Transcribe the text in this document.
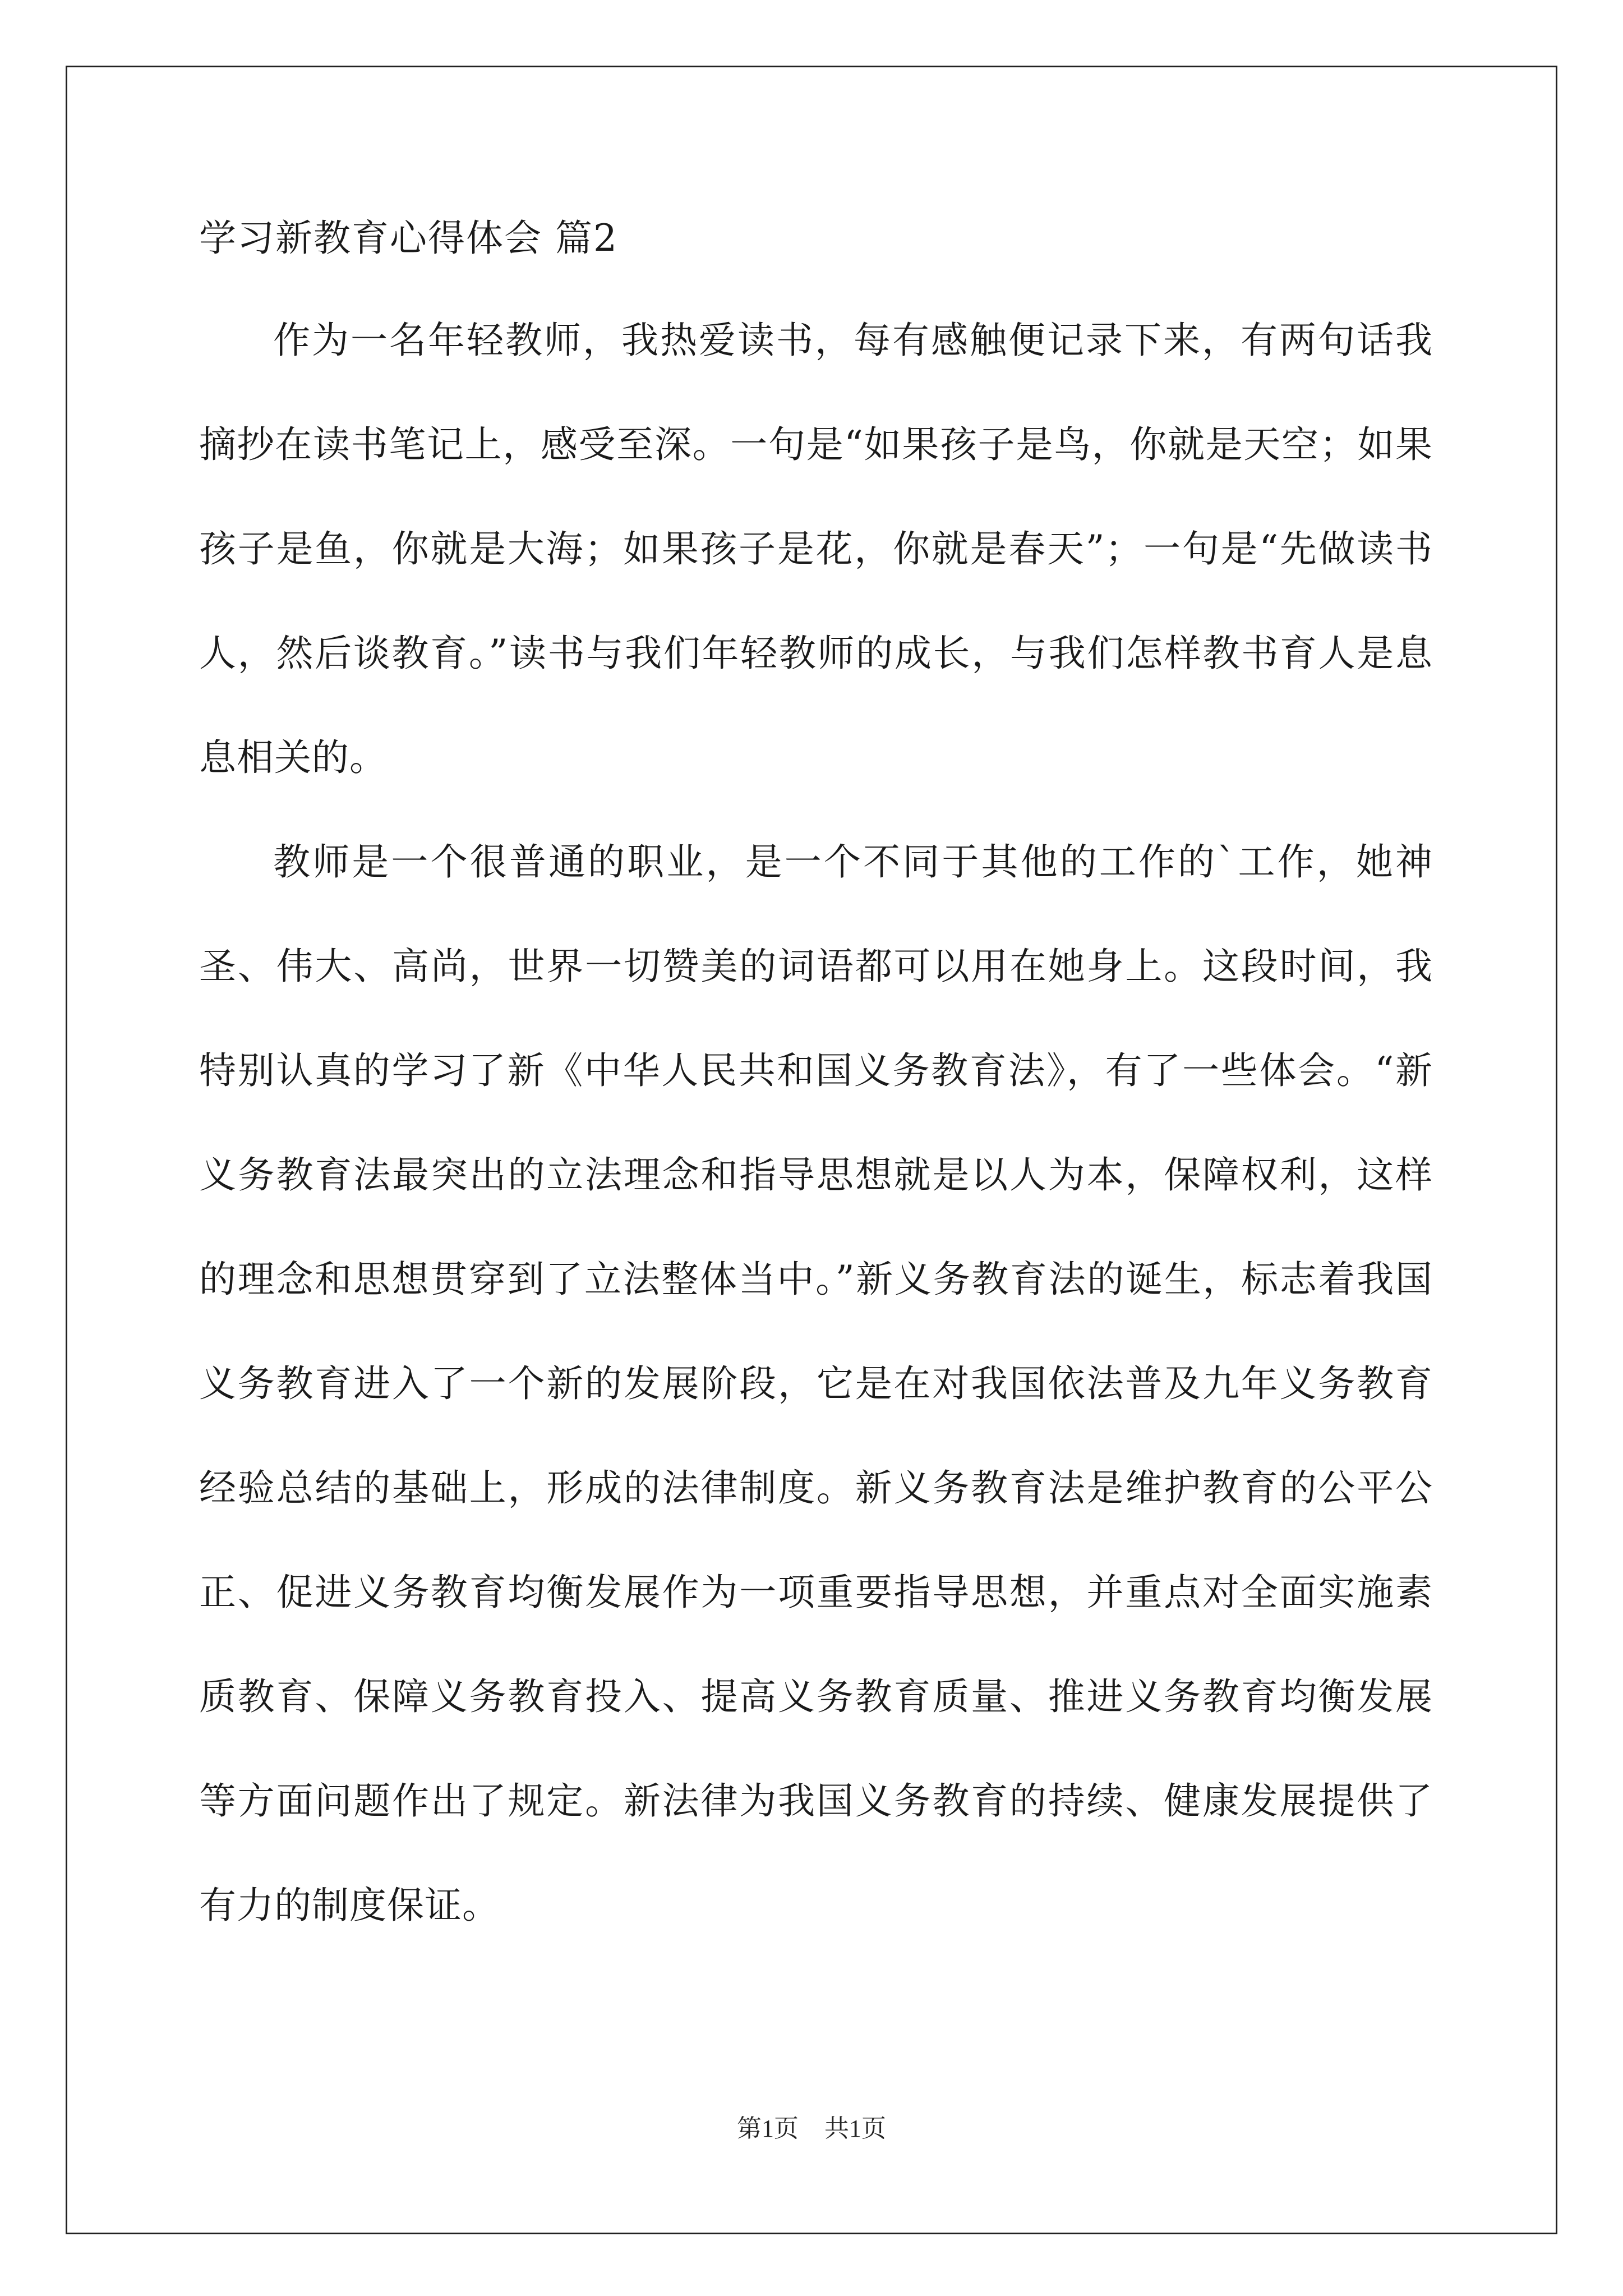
学习新教育心得体会 篇2

作为一名年轻教师，我热爱读书，每有感触便记录下来，有两句话我摘抄在读书笔记上，感受至深。一句是“如果孩子是鸟，你就是天空；如果孩子是鱼，你就是大海；如果孩子是花，你就是春天”；一句是“先做读书人，然后谈教育。”读书与我们年轻教师的成长，与我们怎样教书育人是息息相关的。

教师是一个很普通的职业，是一个不同于其他的工作的`工作，她神圣、伟大、高尚，世界一切赞美的词语都可以用在她身上。这段时间，我特别认真的学习了新《中华人民共和国义务教育法》，有了一些体会。“新义务教育法最突出的立法理念和指导思想就是以人为本，保障权利，这样的理念和思想贯穿到了立法整体当中。”新义务教育法的诞生，标志着我国义务教育进入了一个新的发展阶段，它是在对我国依法普及九年义务教育经验总结的基础上，形成的法律制度。新义务教育法是维护教育的公平公正、促进义务教育均衡发展作为一项重要指导思想，并重点对全面实施素质教育、保障义务教育投入、提高义务教育质量、推进义务教育均衡发展等方面问题作出了规定。新法律为我国义务教育的持续、健康发展提供了有力的制度保证。

第1页 共1页
